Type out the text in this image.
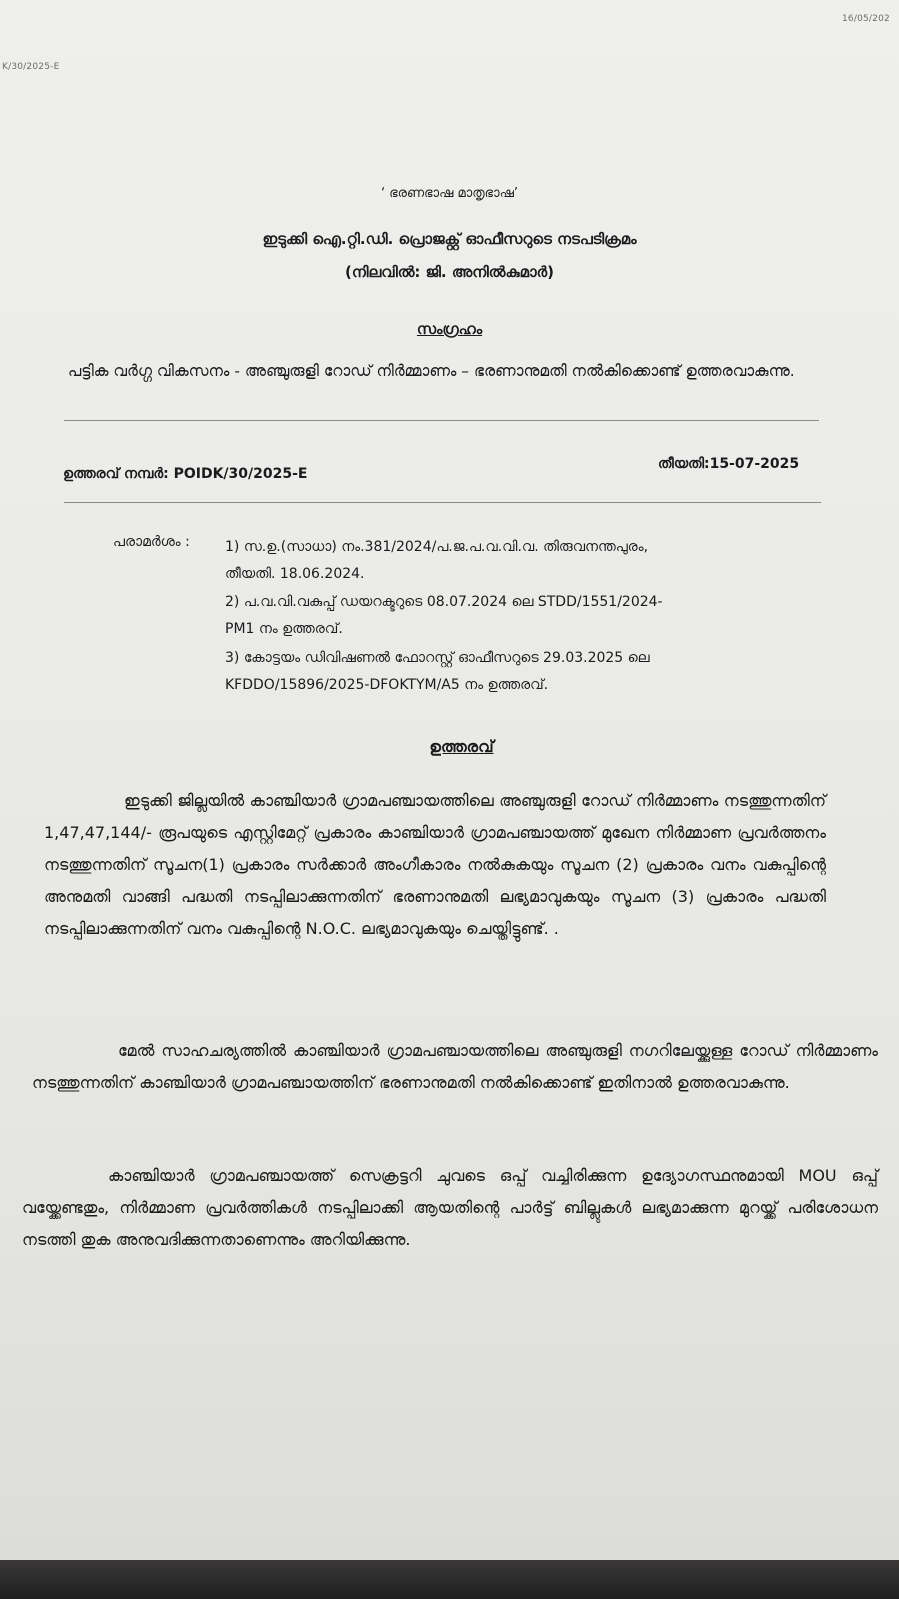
K/30/2025-E
16/05/202
‘ ഭരണഭാഷ മാതൃഭാഷ’
ഇടുക്കി ഐ.റ്റി.ഡി. പ്രൊജക്റ്റ് ഓഫീസറുടെ നടപടിക്രമം
(നിലവിൽ: ജി. അനിൽകുമാർ)
സംഗ്രഹം
പട്ടിക വർഗ്ഗ വികസനം - അഞ്ചുരുളി റോഡ് നിർമ്മാണം – ഭരണാനുമതി നൽകിക്കൊണ്ട് ഉത്തരവാകുന്നു.
ഉത്തരവ് നമ്പർ: POIDK/30/2025-E
തീയതി:15-07-2025
പരാമർശം :	1) സ.ഉ.(സാധാ) നം.381/2024/പ.ജ.പ.വ.വി.വ. തിരുവനന്തപുരം,
തീയതി. 18.06.2024.
2) പ.വ.വി.വകുപ്പ് ഡയറക്ടറുടെ 08.07.2024 ലെ STDD/1551/2024-
PM1 നം ഉത്തരവ്.
3) കോട്ടയം ഡിവിഷണൽ ഫോറസ്റ്റ് ഓഫീസറുടെ 29.03.2025 ലെ
KFDDO/15896/2025-DFOKTYM/A5 നം ഉത്തരവ്.
ഉത്തരവ്
ഇടുക്കി ജില്ലയിൽ കാഞ്ചിയാർ ഗ്രാമപഞ്ചായത്തിലെ അഞ്ചുരുളി റോഡ് നിർമ്മാണം നടത്തുന്നതിന് 1,47,47,144/- രൂപയുടെ എസ്റ്റിമേറ്റ് പ്രകാരം കാഞ്ചിയാർ ഗ്രാമപഞ്ചായത്ത് മുഖേന നിർമ്മാണ പ്രവർത്തനം നടത്തുന്നതിന് സൂചന(1) പ്രകാരം സർക്കാർ അംഗീകാരം നൽകുകയും സൂചന (2) പ്രകാരം വനം വകുപ്പിന്റെ അനുമതി വാങ്ങി പദ്ധതി നടപ്പിലാക്കുന്നതിന് ഭരണാനുമതി ലഭ്യമാവുകയും സൂചന (3) പ്രകാരം പദ്ധതി നടപ്പിലാക്കുന്നതിന് വനം വകുപ്പിന്റെ N.O.C. ലഭ്യമാവുകയും ചെയ്തിട്ടുണ്ട്. .
മേൽ സാഹചര്യത്തിൽ കാഞ്ചിയാർ ഗ്രാമപഞ്ചായത്തിലെ അഞ്ചുരുളി നഗറിലേയ്ക്കുള്ള റോഡ് നിർമ്മാണം നടത്തുന്നതിന് കാഞ്ചിയാർ ഗ്രാമപഞ്ചായത്തിന് ഭരണാനുമതി നൽകിക്കൊണ്ട് ഇതിനാൽ ഉത്തരവാകുന്നു.
കാഞ്ചിയാർ ഗ്രാമപഞ്ചായത്ത് സെക്രട്ടറി ചുവടെ ഒപ്പ് വച്ചിരിക്കുന്ന ഉദ്യോഗസ്ഥനുമായി MOU ഒപ്പ് വയ്ക്കേണ്ടതും, നിർമ്മാണ പ്രവർത്തികൾ നടപ്പിലാക്കി ആയതിന്റെ പാർട്ട് ബില്ലുകൾ ലഭ്യമാക്കുന്ന മുറയ്ക്ക് പരിശോധന നടത്തി തുക അനുവദിക്കുന്നതാണെന്നും അറിയിക്കുന്നു.
